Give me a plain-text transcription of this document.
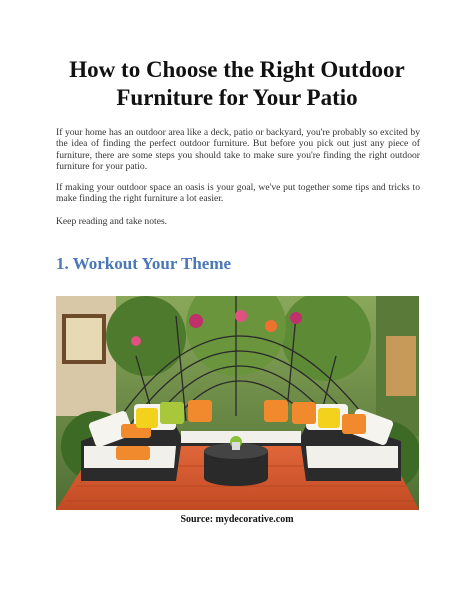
How to Choose the Right Outdoor
Furniture for Your Patio

If your home has an outdoor area like a deck, patio or backyard, you're probably so excited by the idea of finding the perfect outdoor furniture. But before you pick out just any piece of furniture, there are some steps you should take to make sure you're finding the right outdoor furniture for your patio.

If making your outdoor space an oasis is your goal, we've put together some tips and tricks to make finding the right furniture a lot easier.

Keep reading and take notes.

1. Workout Your Theme
Source: mydecorative.com
